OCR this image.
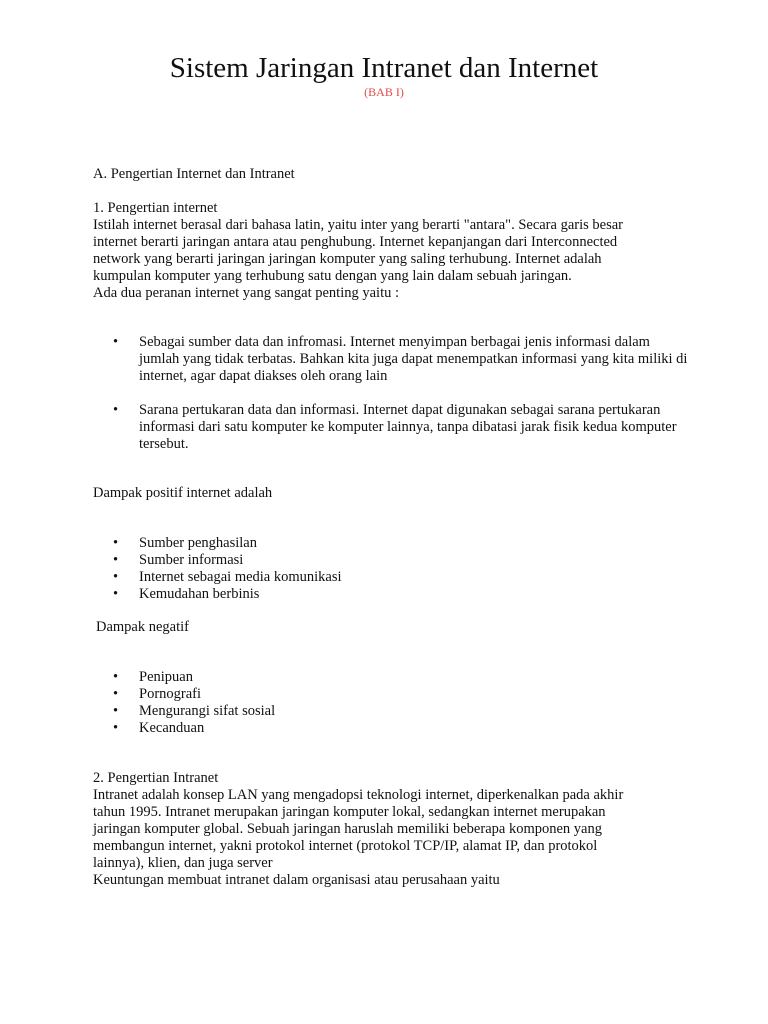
Sistem Jaringan Intranet dan Internet

(BAB I)

A. Pengertian Internet dan Intranet

1. Pengertian internet

Istilah internet berasal dari bahasa latin, yaitu inter yang berarti "antara". Secara garis besar

internet berarti jaringan antara atau penghubung. Internet kepanjangan dari Interconnected

network yang berarti jaringan jaringan komputer yang saling terhubung. Internet adalah

kumpulan komputer yang terhubung satu dengan yang lain dalam sebuah jaringan.

Ada dua peranan internet yang sangat penting yaitu :

• Sebagai sumber data dan infromasi. Internet menyimpan berbagai jenis informasi dalam jumlah yang tidak terbatas. Bahkan kita juga dapat menempatkan informasi yang kita miliki di internet, agar dapat diakses oleh orang lain
• Sarana pertukaran data dan informasi. Internet dapat digunakan sebagai sarana pertukaran informasi dari satu komputer ke komputer lainnya, tanpa dibatasi jarak fisik kedua komputer tersebut.

Dampak positif internet adalah

• Sumber penghasilan
• Sumber informasi
• Internet sebagai media komunikasi
• Kemudahan berbinis

Dampak negatif

• Penipuan
• Pornografi
• Mengurangi sifat sosial
• Kecanduan

2. Pengertian Intranet

Intranet adalah konsep LAN yang mengadopsi teknologi internet, diperkenalkan pada akhir

tahun 1995. Intranet merupakan jaringan komputer lokal, sedangkan internet merupakan

jaringan komputer global. Sebuah jaringan haruslah memiliki beberapa komponen yang

membangun internet, yakni protokol internet (protokol TCP/IP, alamat IP, dan protokol

lainnya), klien, dan juga server

Keuntungan membuat intranet dalam organisasi atau perusahaan yaitu
